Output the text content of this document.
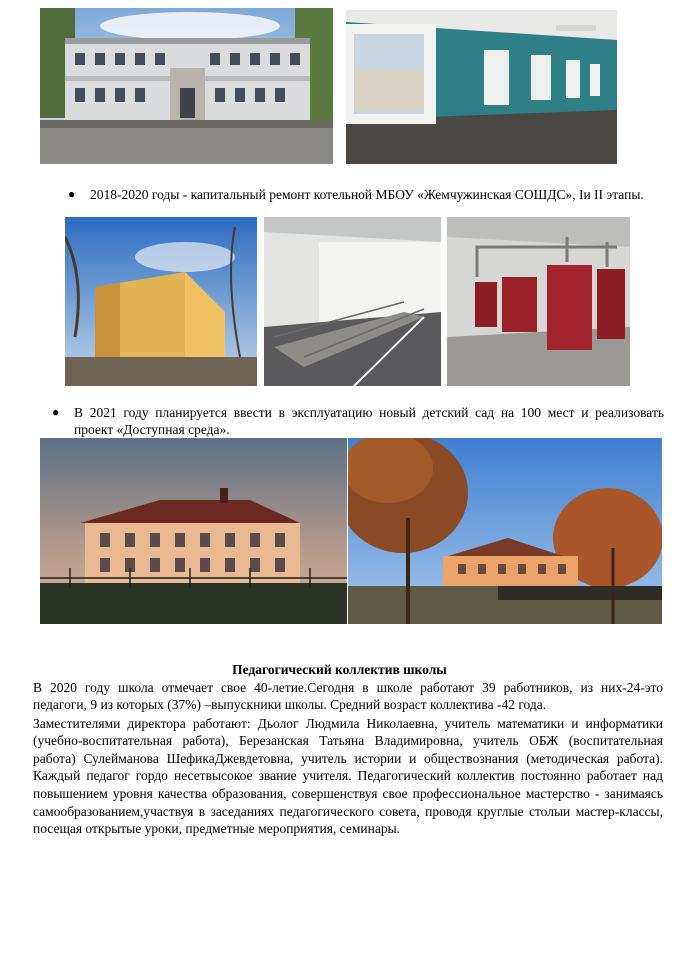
● 2018-2020 годы - капитальный ремонт котельной МБОУ «Жемчужинская СОШДС», Iи II этапы.
● В 2021 году планируется ввести в эксплуатацию новый детский сад на 100 мест и реализовать
проект «Доступная среда».
Педагогический коллектив школы
В 2020 году школа отмечает свое 40-летие.Сегодня в школе работают 39 работников, из них-24-это
педагоги, 9 из которых (37%) –выпускники школы. Средний возраст коллектива -42 года.
Заместителями директора работают: Дьолог Людмила Николаевна, учитель математики и информатики
(учебно-воспитательная работа), Березанская Татьяна Владимировна, учитель ОБЖ (воспитательная
работа) Сулейманова ШефикаДжевдетовна, учитель истории и обществознания (методическая работа).
Каждый педагог гордо несетвысокое звание учителя. Педагогический коллектив постоянно работает над
повышением уровня качества образования, совершенствуя свое профессиональное мастерство - занимаясь
самообразованием,участвуя в заседаниях педагогического совета, проводя круглые столыи мастер-классы,
посещая открытые уроки, предметные мероприятия, семинары.
